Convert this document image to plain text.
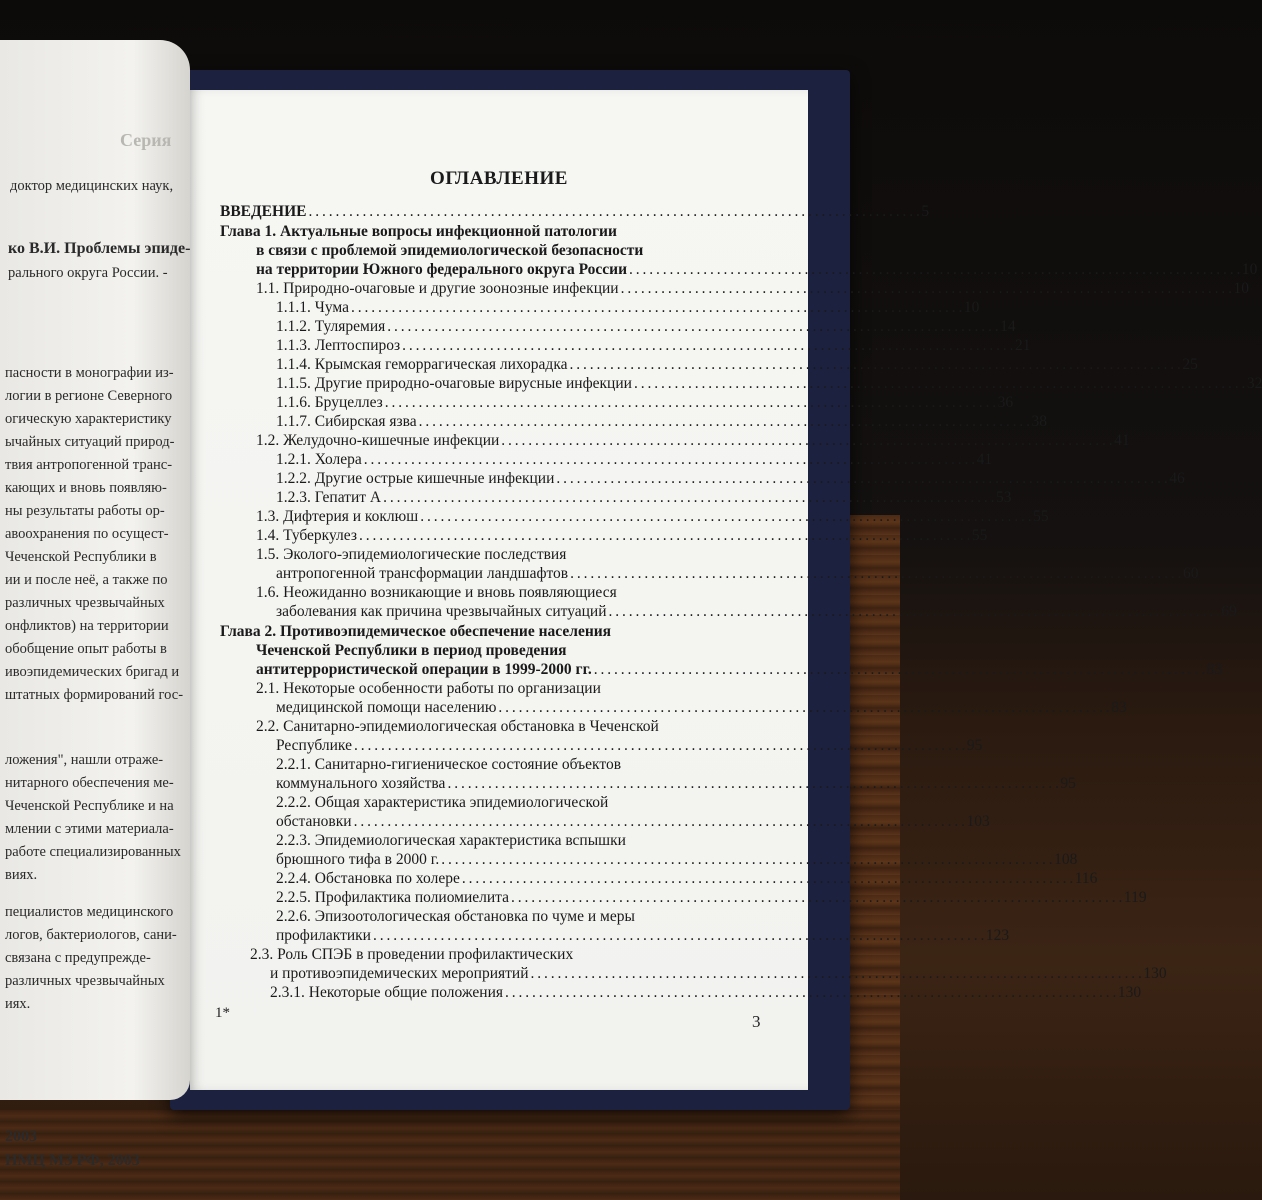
Серия
доктор медицинских наук,
ко В.И. Проблемы эпиде-
рального округа России. -
пасности в монографии из-
логии в регионе Северного
огическую характеристику
ычайных ситуаций природ-
твия антропогенной транс-
кающих и вновь появляю-
ны результаты работы ор-
авоохранения по осущест-
Чеченской Республики в
ии и после неё, а также по
различных чрезвычайных
онфликтов) на территории
обобщение опыт работы в
ивоэпидемических бригад и
штатных формирований гос-
ложения", нашли отраже-
нитарного обеспечения ме-
Чеченской Республике и на
млении с этими материала-
работе специализированных
виях.
пециалистов медицинского
логов, бактериологов, сани-
связана с предупрежде-
различных чрезвычайных
иях.
2003
НМЦ МЗ РФ, 2003
ОГЛАВЛЕНИЕ
ВВЕДЕНИЕ . . .	5
Глава 1. Актуальные вопросы инфекционной патологии
в связи с проблемой эпидемиологической безопасности
на территории Южного федерального округа России . . .	10
1.1. Природно-очаговые и другие зоонозные инфекции . . .	10
1.1.1. Чума . . .	10
1.1.2. Туляремия . . .	14
1.1.3. Лептоспироз . . .	21
1.1.4. Крымская геморрагическая лихорадка . . .	25
1.1.5. Другие природно-очаговые вирусные инфекции . . .	32
1.1.6. Бруцеллез . . .	36
1.1.7. Сибирская язва . . .	38
1.2. Желудочно-кишечные инфекции . . .	41
1.2.1. Холера . . .	41
1.2.2. Другие острые кишечные инфекции . . .	46
1.2.3. Гепатит А . . .	53
1.3. Дифтерия и коклюш . . .	55
1.4. Туберкулез . . .	55
1.5. Эколого-эпидемиологические последствия
антропогенной трансформации ландшафтов . . .	60
1.6. Неожиданно возникающие и вновь появляющиеся
заболевания как причина чрезвычайных ситуаций . . .	69
Глава 2. Противоэпидемическое обеспечение населения
Чеченской Республики в период проведения
антитеррористической операции в 1999-2000 гг. . . .	83
2.1. Некоторые особенности работы по организации
медицинской помощи населению . . .	83
2.2. Санитарно-эпидемиологическая обстановка в Чеченской
Республике . . .	95
2.2.1. Санитарно-гигиеническое состояние объектов
коммунального хозяйства . . .	95
2.2.2. Общая характеристика эпидемиологической
обстановки . . .	103
2.2.3. Эпидемиологическая характеристика вспышки
брюшного тифа в 2000 г. . . .	108
2.2.4. Обстановка по холере . . .	116
2.2.5. Профилактика полиомиелита . . .	119
2.2.6. Эпизоотологическая обстановка по чуме и меры
профилактики . . .	123
2.3. Роль СПЭБ в проведении профилактических
и противоэпидемических мероприятий . . .	130
2.3.1. Некоторые общие положения . . .	130
1*	3
